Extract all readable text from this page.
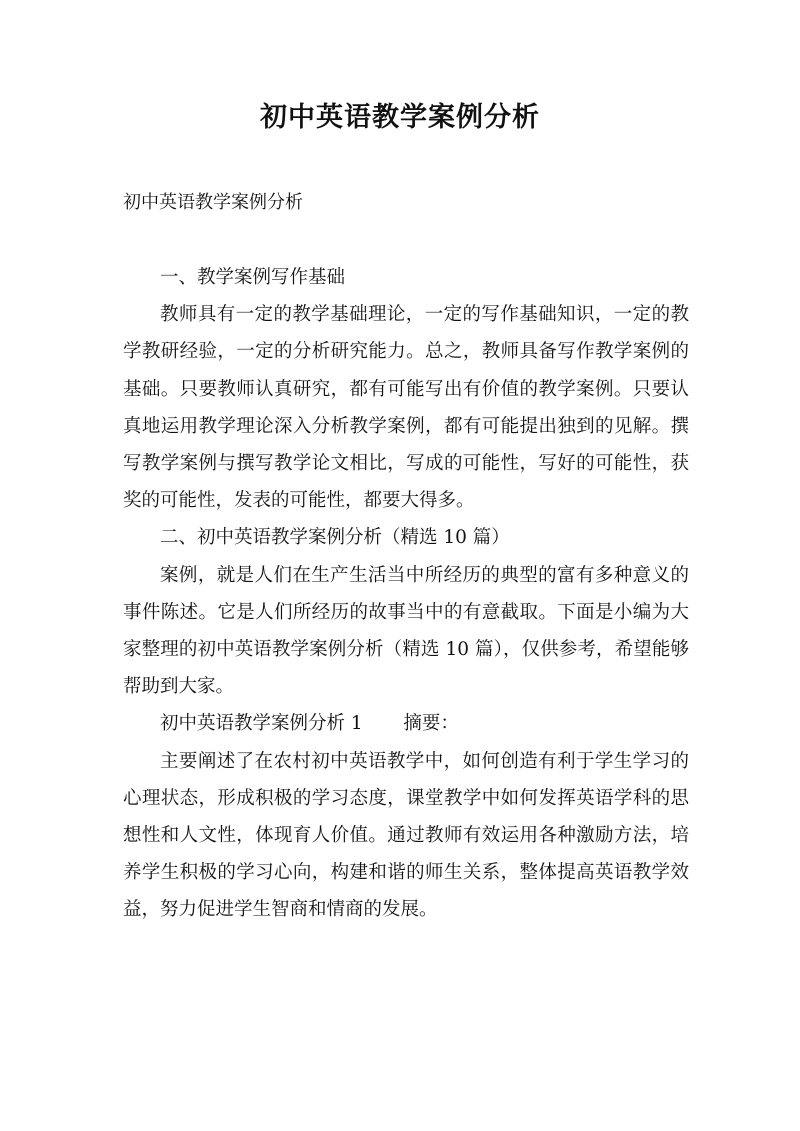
初中英语教学案例分析

初中英语教学案例分析

一、教学案例写作基础

教师具有一定的教学基础理论，一定的写作基础知识，一定的教学教研经验，一定的分析研究能力。总之，教师具备写作教学案例的基础。只要教师认真研究，都有可能写出有价值的教学案例。只要认真地运用教学理论深入分析教学案例，都有可能提出独到的见解。撰写教学案例与撰写教学论文相比，写成的可能性，写好的可能性，获奖的可能性，发表的可能性，都要大得多。

二、初中英语教学案例分析（精选 10 篇）

案例，就是人们在生产生活当中所经历的典型的富有多种意义的事件陈述。它是人们所经历的故事当中的有意截取。下面是小编为大家整理的初中英语教学案例分析（精选 10 篇），仅供参考，希望能够帮助到大家。

初中英语教学案例分析 1 摘要：

主要阐述了在农村初中英语教学中，如何创造有利于学生学习的心理状态，形成积极的学习态度，课堂教学中如何发挥英语学科的思想性和人文性，体现育人价值。通过教师有效运用各种激励方法，培养学生积极的学习心向，构建和谐的师生关系，整体提高英语教学效益，努力促进学生智商和情商的发展。
